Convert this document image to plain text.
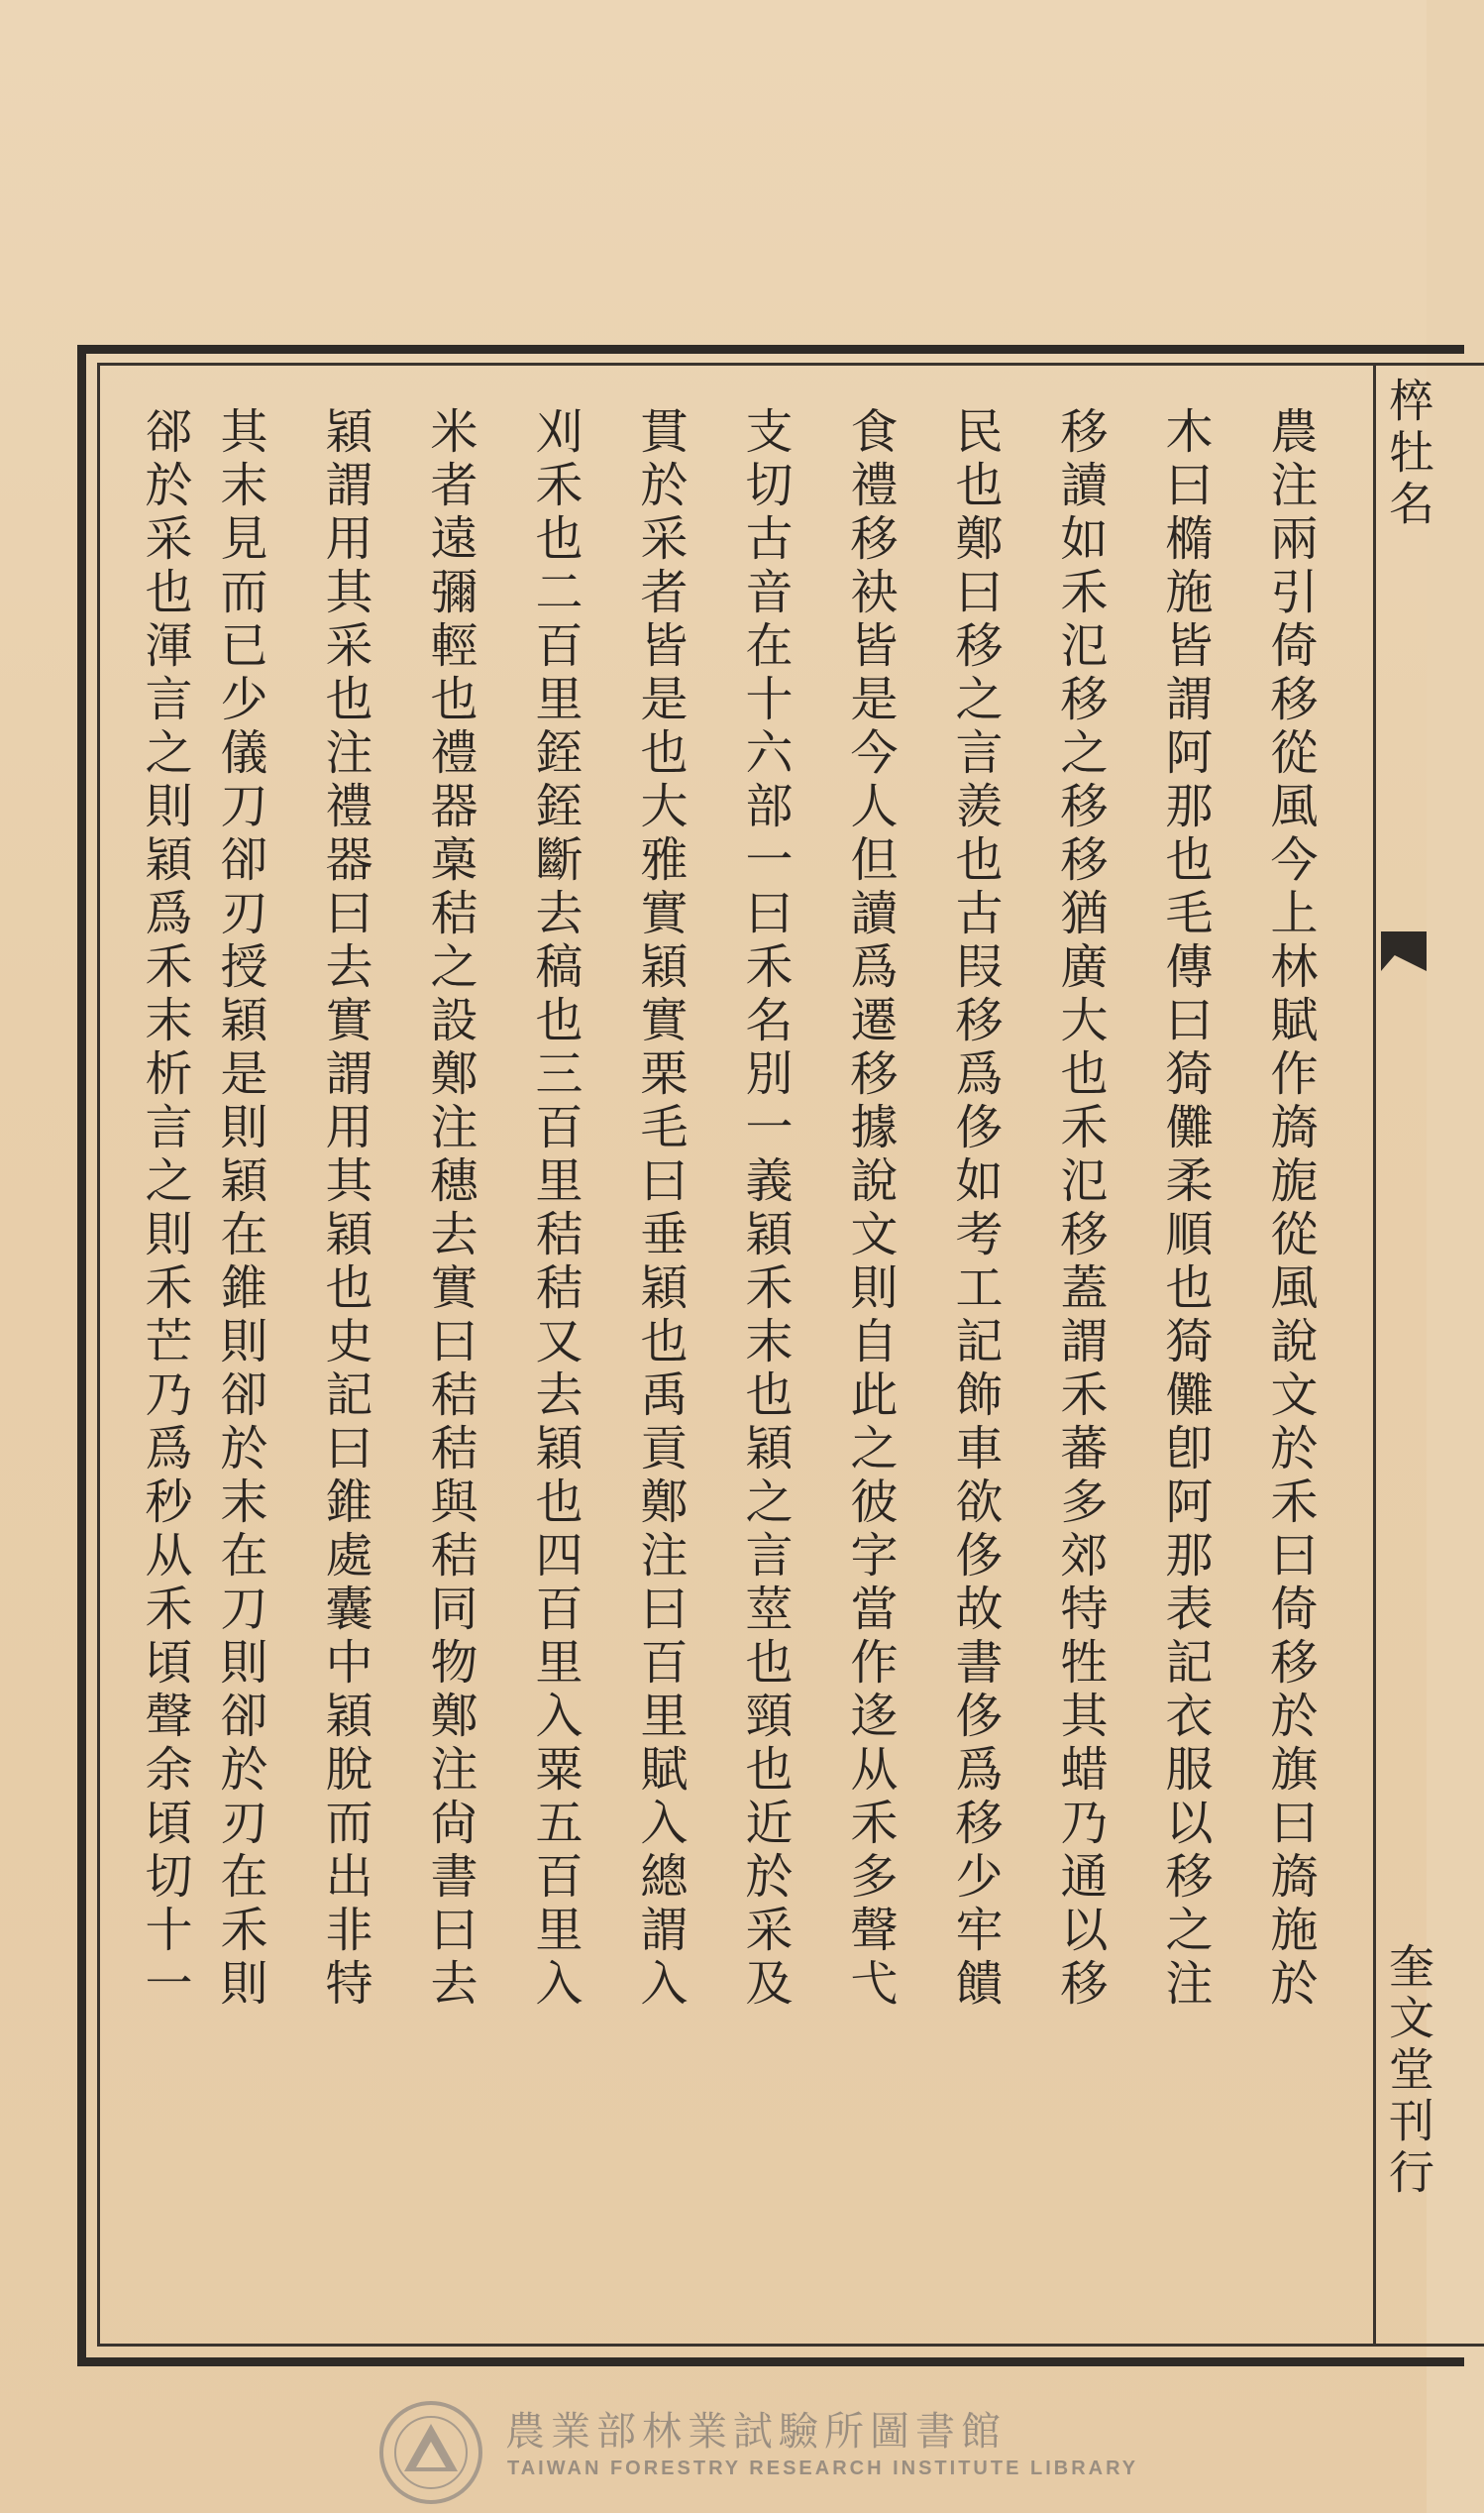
椊牡名
奎文堂刊行
農注兩引倚移從風今上林賦作旖旎從風說文於禾曰倚移於旗曰旖施於
木曰橢施皆謂阿那也毛傳曰猗儺柔順也猗儺卽阿那表記衣服以移之注
移讀如禾氾移之移移猶廣大也禾氾移蓋謂禾蕃多郊特牲其蜡乃通以移
民也鄭曰移之言羨也古叚移爲侈如考工記飾車欲侈故書侈爲移少牢饋
食禮移袂皆是今人但讀爲遷移據說文則自此之彼字當作迻从禾多聲弋
支切古音在十六部一曰禾名別一義穎禾末也穎之言莖也頸也近於采及
貫於采者皆是也大雅實穎實栗毛曰垂穎也禹貢鄭注曰百里賦入總謂入
刈禾也二百里銍銍斷去稿也三百里秸秸又去穎也四百里入粟五百里入
米者遠彌輕也禮器槀秸之設鄭注穗去實曰秸秸與秸同物鄭注尙書曰去
穎謂用其采也注禮器曰去實謂用其穎也史記曰錐處囊中穎脫而出非特
其末見而已少儀刀卻刃授穎是則穎在錐則卻於末在刀則卻於刃在禾則
郤於采也渾言之則穎爲禾末析言之則禾芒乃爲秒从禾頃聲余頃切十一
農業部林業試驗所圖書館
TAIWAN FORESTRY RESEARCH INSTITUTE LIBRARY
